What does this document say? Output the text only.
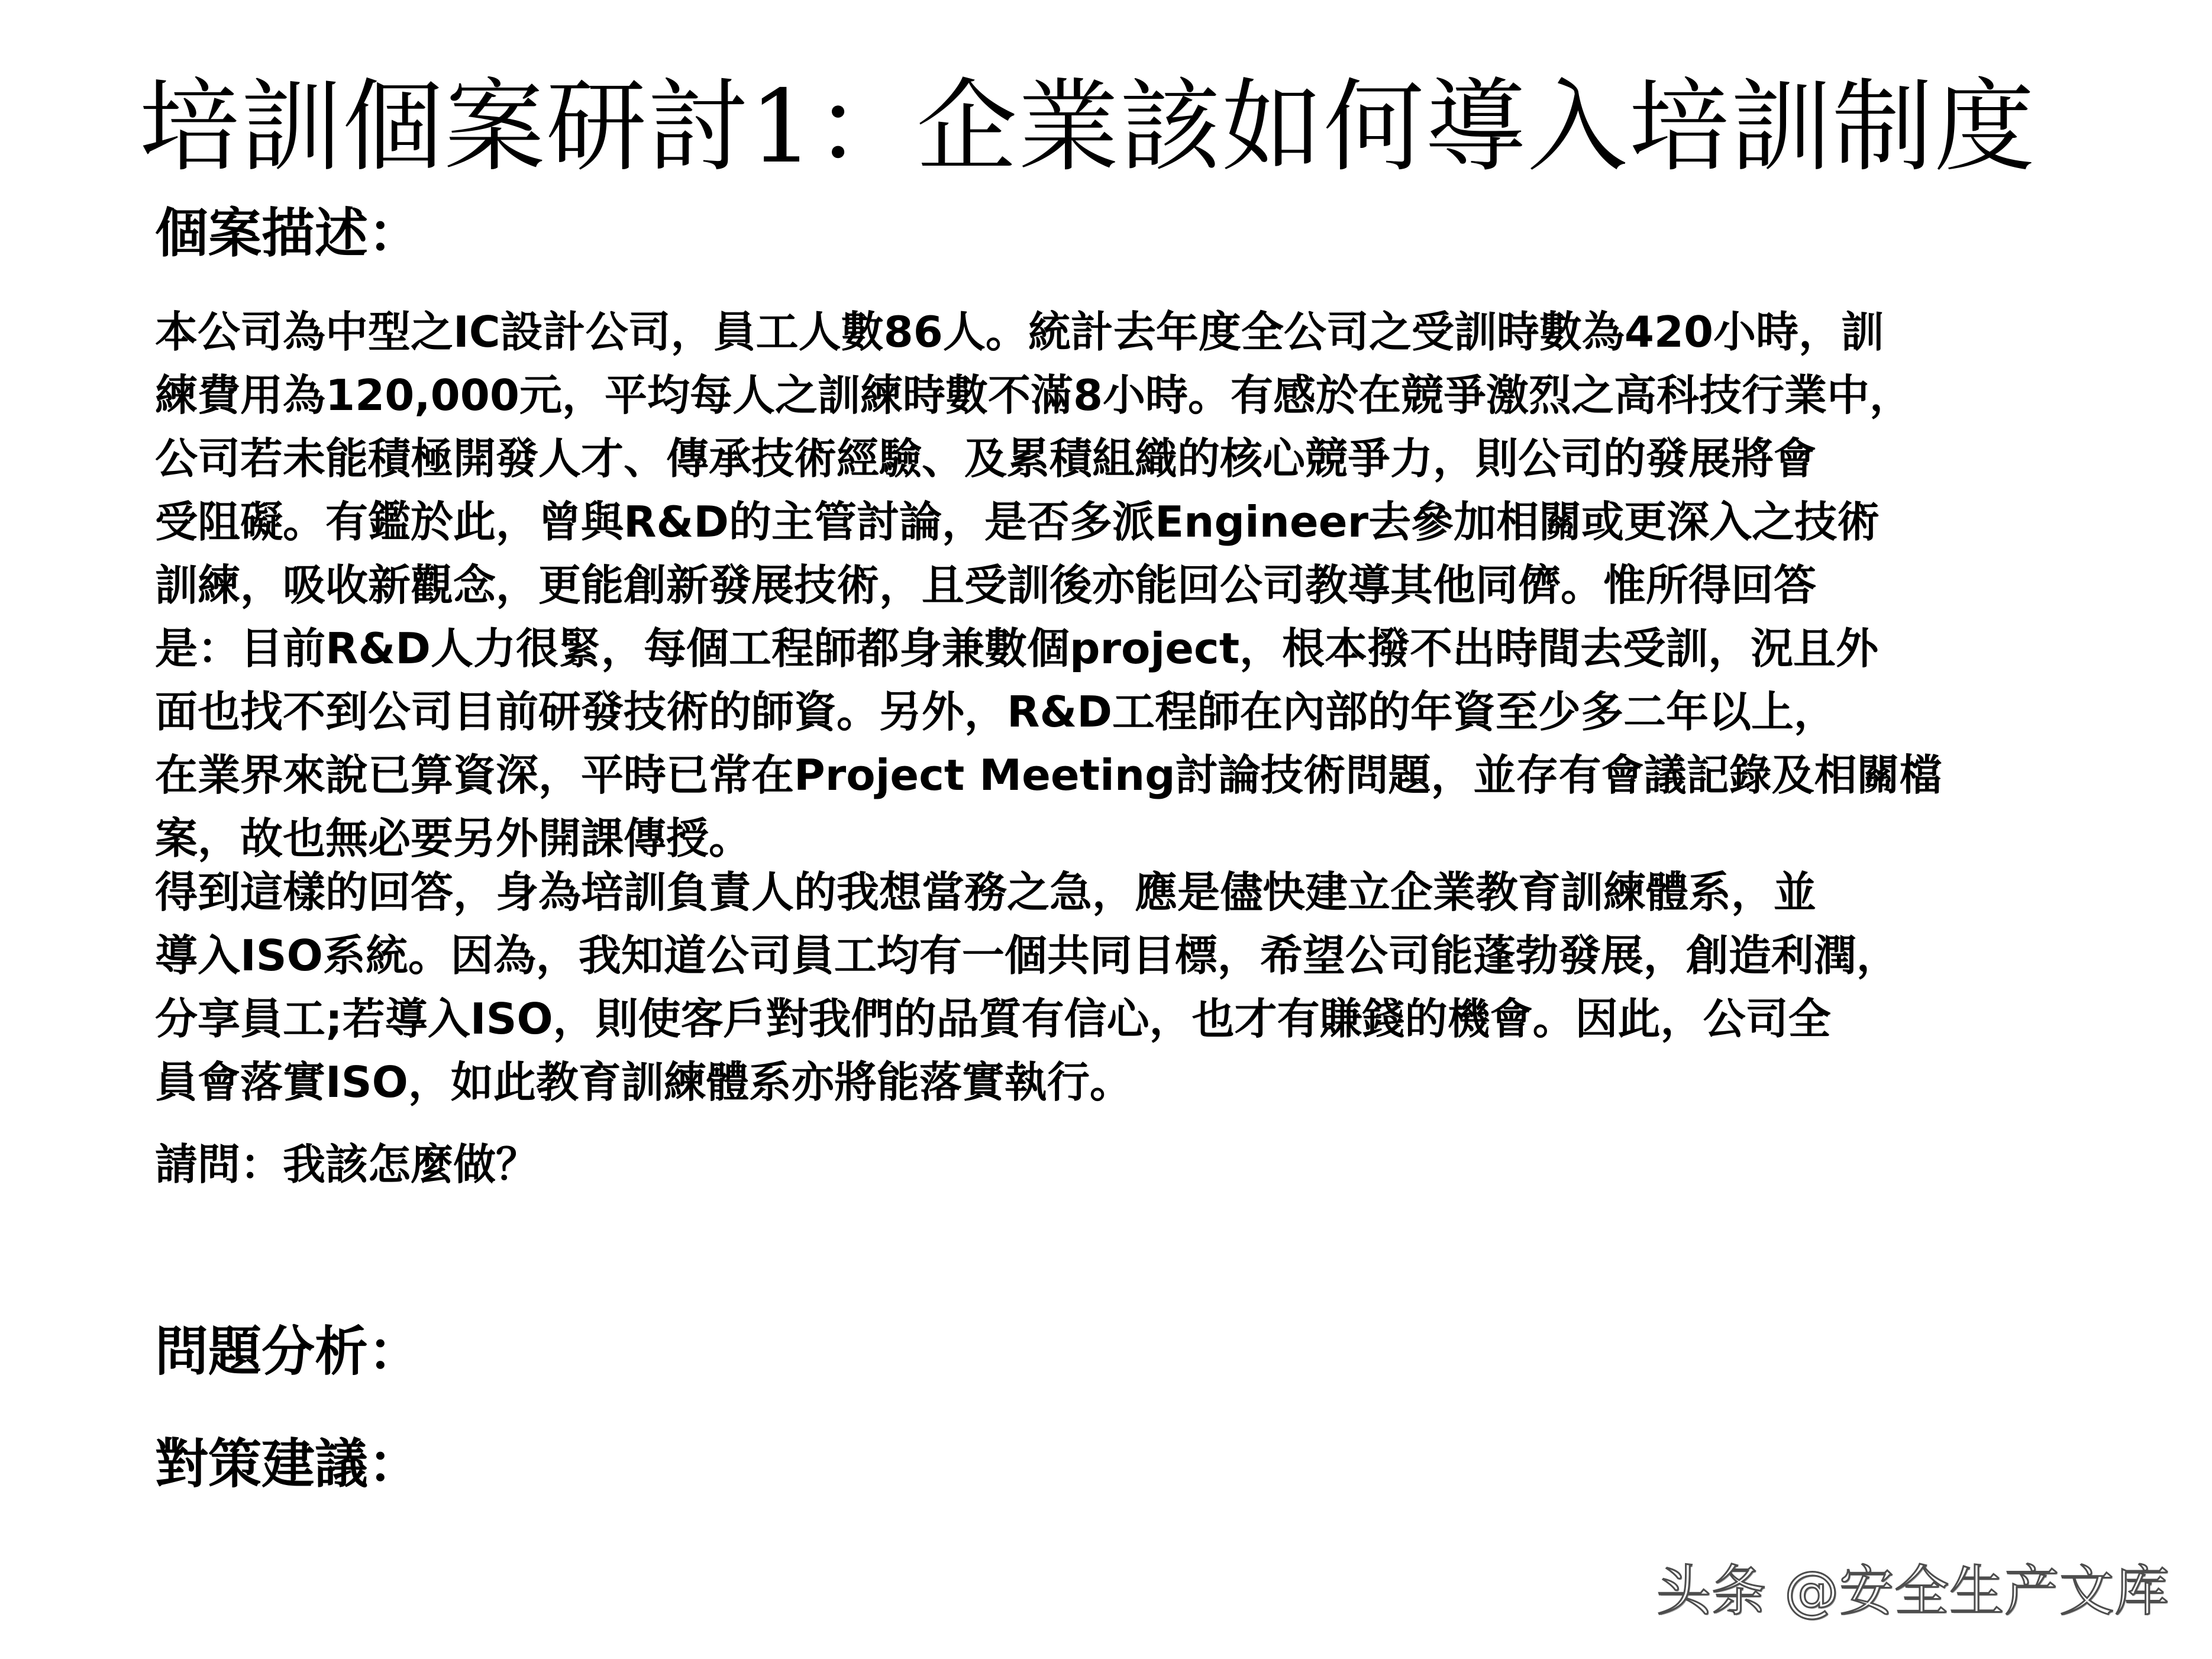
培訓個案研討1：企業該如何導入培訓制度
個案描述：
本公司為中型之IC設計公司，員工人數86人。統計去年度全公司之受訓時數為420小時，訓
練費用為120,000元，平均每人之訓練時數不滿8小時。有感於在競爭激烈之高科技行業中，
公司若未能積極開發人才、傳承技術經驗、及累積組織的核心競爭力，則公司的發展將會
受阻礙。有鑑於此，曾與R&D的主管討論，是否多派Engineer去參加相關或更深入之技術
訓練，吸收新觀念，更能創新發展技術，且受訓後亦能回公司教導其他同儕。惟所得回答
是：目前R&D人力很緊，每個工程師都身兼數個project，根本撥不出時間去受訓，況且外
面也找不到公司目前研發技術的師資。另外，R&D工程師在內部的年資至少多二年以上，
在業界來說已算資深，平時已常在Project Meeting討論技術問題，並存有會議記錄及相關檔
案，故也無必要另外開課傳授。
得到這樣的回答，身為培訓負責人的我想當務之急，應是儘快建立企業教育訓練體系，並
導入ISO系統。因為，我知道公司員工均有一個共同目標，希望公司能蓬勃發展，創造利潤，
分享員工;若導入ISO，則使客戶對我們的品質有信心，也才有賺錢的機會。因此，公司全
員會落實ISO，如此教育訓練體系亦將能落實執行。
請問：我該怎麼做？
問題分析：
對策建議：
头条 @安全生产文库
